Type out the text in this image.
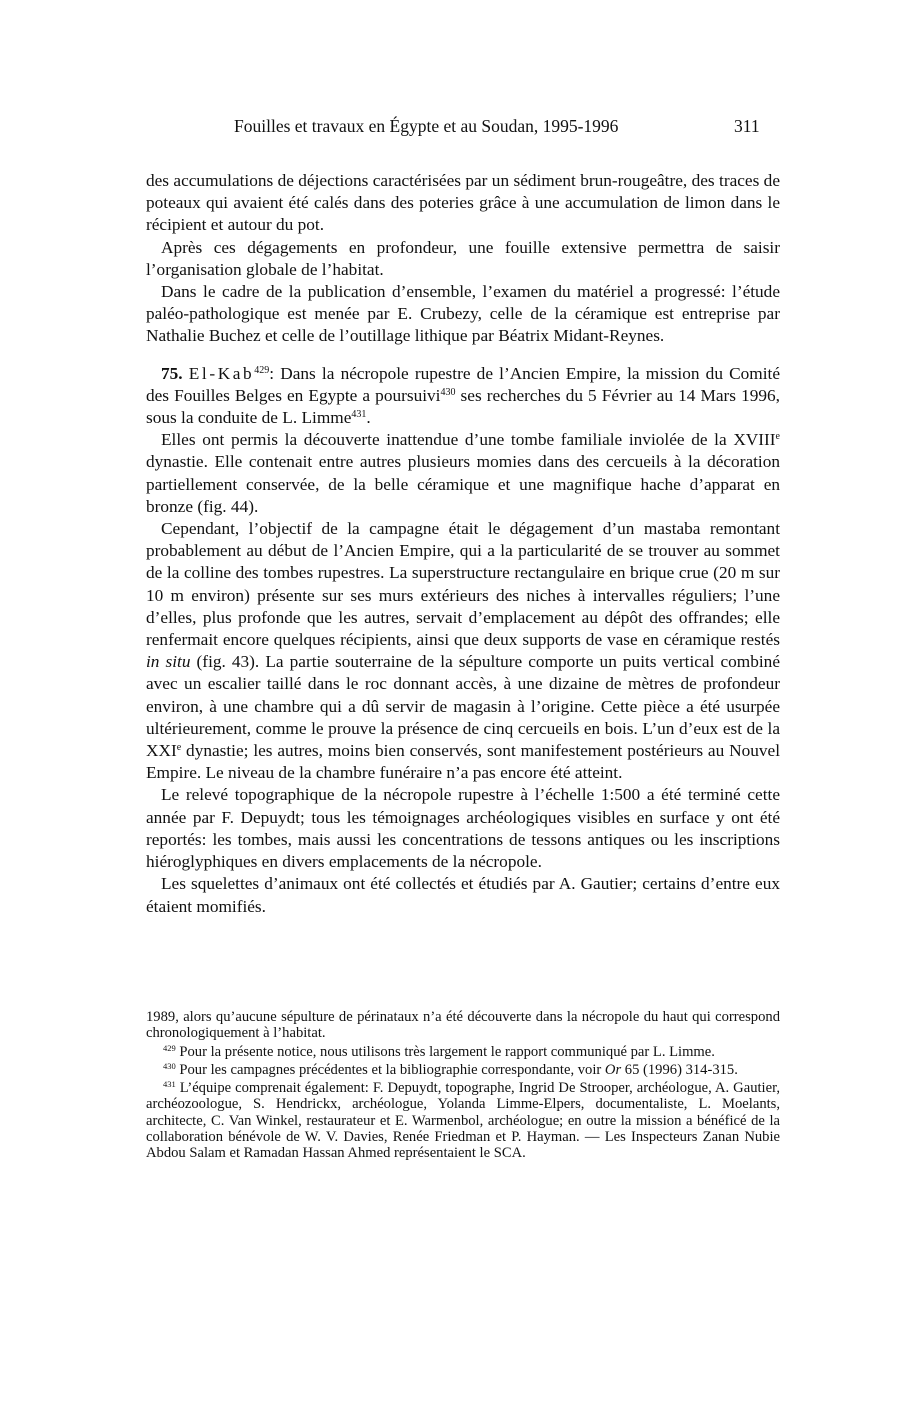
Fouilles et travaux en Égypte et au Soudan, 1995-1996	311

des accumulations de déjections caractérisées par un sédiment brun-rougeâtre, des traces de poteaux qui avaient été calés dans des poteries grâce à une accumulation de limon dans le récipient et autour du pot.

Après ces dégagements en profondeur, une fouille extensive permettra de saisir l’organisation globale de l’habitat.

Dans le cadre de la publication d’ensemble, l’examen du matériel a progressé: l’étude paléo-pathologique est menée par E. Crubezy, celle de la céramique est entreprise par Nathalie Buchez et celle de l’outillage lithique par Béatrix Midant-Reynes.

75. El-Kab$^{429}$: Dans la nécropole rupestre de l’Ancien Empire, la mission du Comité des Fouilles Belges en Egypte a poursuivi$^{430}$ ses recherches du 5 Février au 14 Mars 1996, sous la conduite de L. Limme$^{431}$.

Elles ont permis la découverte inattendue d’une tombe familiale inviolée de la XVIIIe dynastie. Elle contenait entre autres plusieurs momies dans des cercueils à la décoration partiellement conservée, de la belle céramique et une magnifique hache d’apparat en bronze (fig. 44).

Cependant, l’objectif de la campagne était le dégagement d’un mastaba remontant probablement au début de l’Ancien Empire, qui a la particularité de se trouver au sommet de la colline des tombes rupestres. La superstructure rectangulaire en brique crue (20 m sur 10 m environ) présente sur ses murs extérieurs des niches à intervalles réguliers; l’une d’elles, plus profonde que les autres, servait d’emplacement au dépôt des offrandes; elle renfermait encore quelques récipients, ainsi que deux supports de vase en céramique restés in situ (fig. 43). La partie souterraine de la sépulture comporte un puits vertical combiné avec un escalier taillé dans le roc donnant accès, à une dizaine de mètres de profondeur environ, à une chambre qui a dû servir de magasin à l’origine. Cette pièce a été usurpée ultérieurement, comme le prouve la présence de cinq cercueils en bois. L’un d’eux est de la XXIe dynastie; les autres, moins bien conservés, sont manifestement postérieurs au Nouvel Empire. Le niveau de la chambre funéraire n’a pas encore été atteint.

Le relevé topographique de la nécropole rupestre à l’échelle 1:500 a été terminé cette année par F. Depuydt; tous les témoignages archéologiques visibles en surface y ont été reportés: les tombes, mais aussi les concentrations de tessons antiques ou les inscriptions hiéroglyphiques en divers emplacements de la nécropole.

Les squelettes d’animaux ont été collectés et étudiés par A. Gautier; certains d’entre eux étaient momifiés.

1989, alors qu’aucune sépulture de périnataux n’a été découverte dans la nécropole du haut qui correspond chronologiquement à l’habitat.

$^{429}$ Pour la présente notice, nous utilisons très largement le rapport communiqué par L. Limme.

$^{430}$ Pour les campagnes précédentes et la bibliographie correspondante, voir Or 65 (1996) 314-315.

$^{431}$ L’équipe comprenait également: F. Depuydt, topographe, Ingrid De Strooper, archéologue, A. Gautier, archéozoologue, S. Hendrickx, archéologue, Yolanda Limme-Elpers, documentaliste, L. Moelants, architecte, C. Van Winkel, restaurateur et E. Warmenbol, archéologue; en outre la mission a bénéficé de la collaboration bénévole de W. V. Davies, Renée Friedman et P. Hayman. — Les Inspecteurs Zanan Nubie Abdou Salam et Ramadan Hassan Ahmed représentaient le SCA.
